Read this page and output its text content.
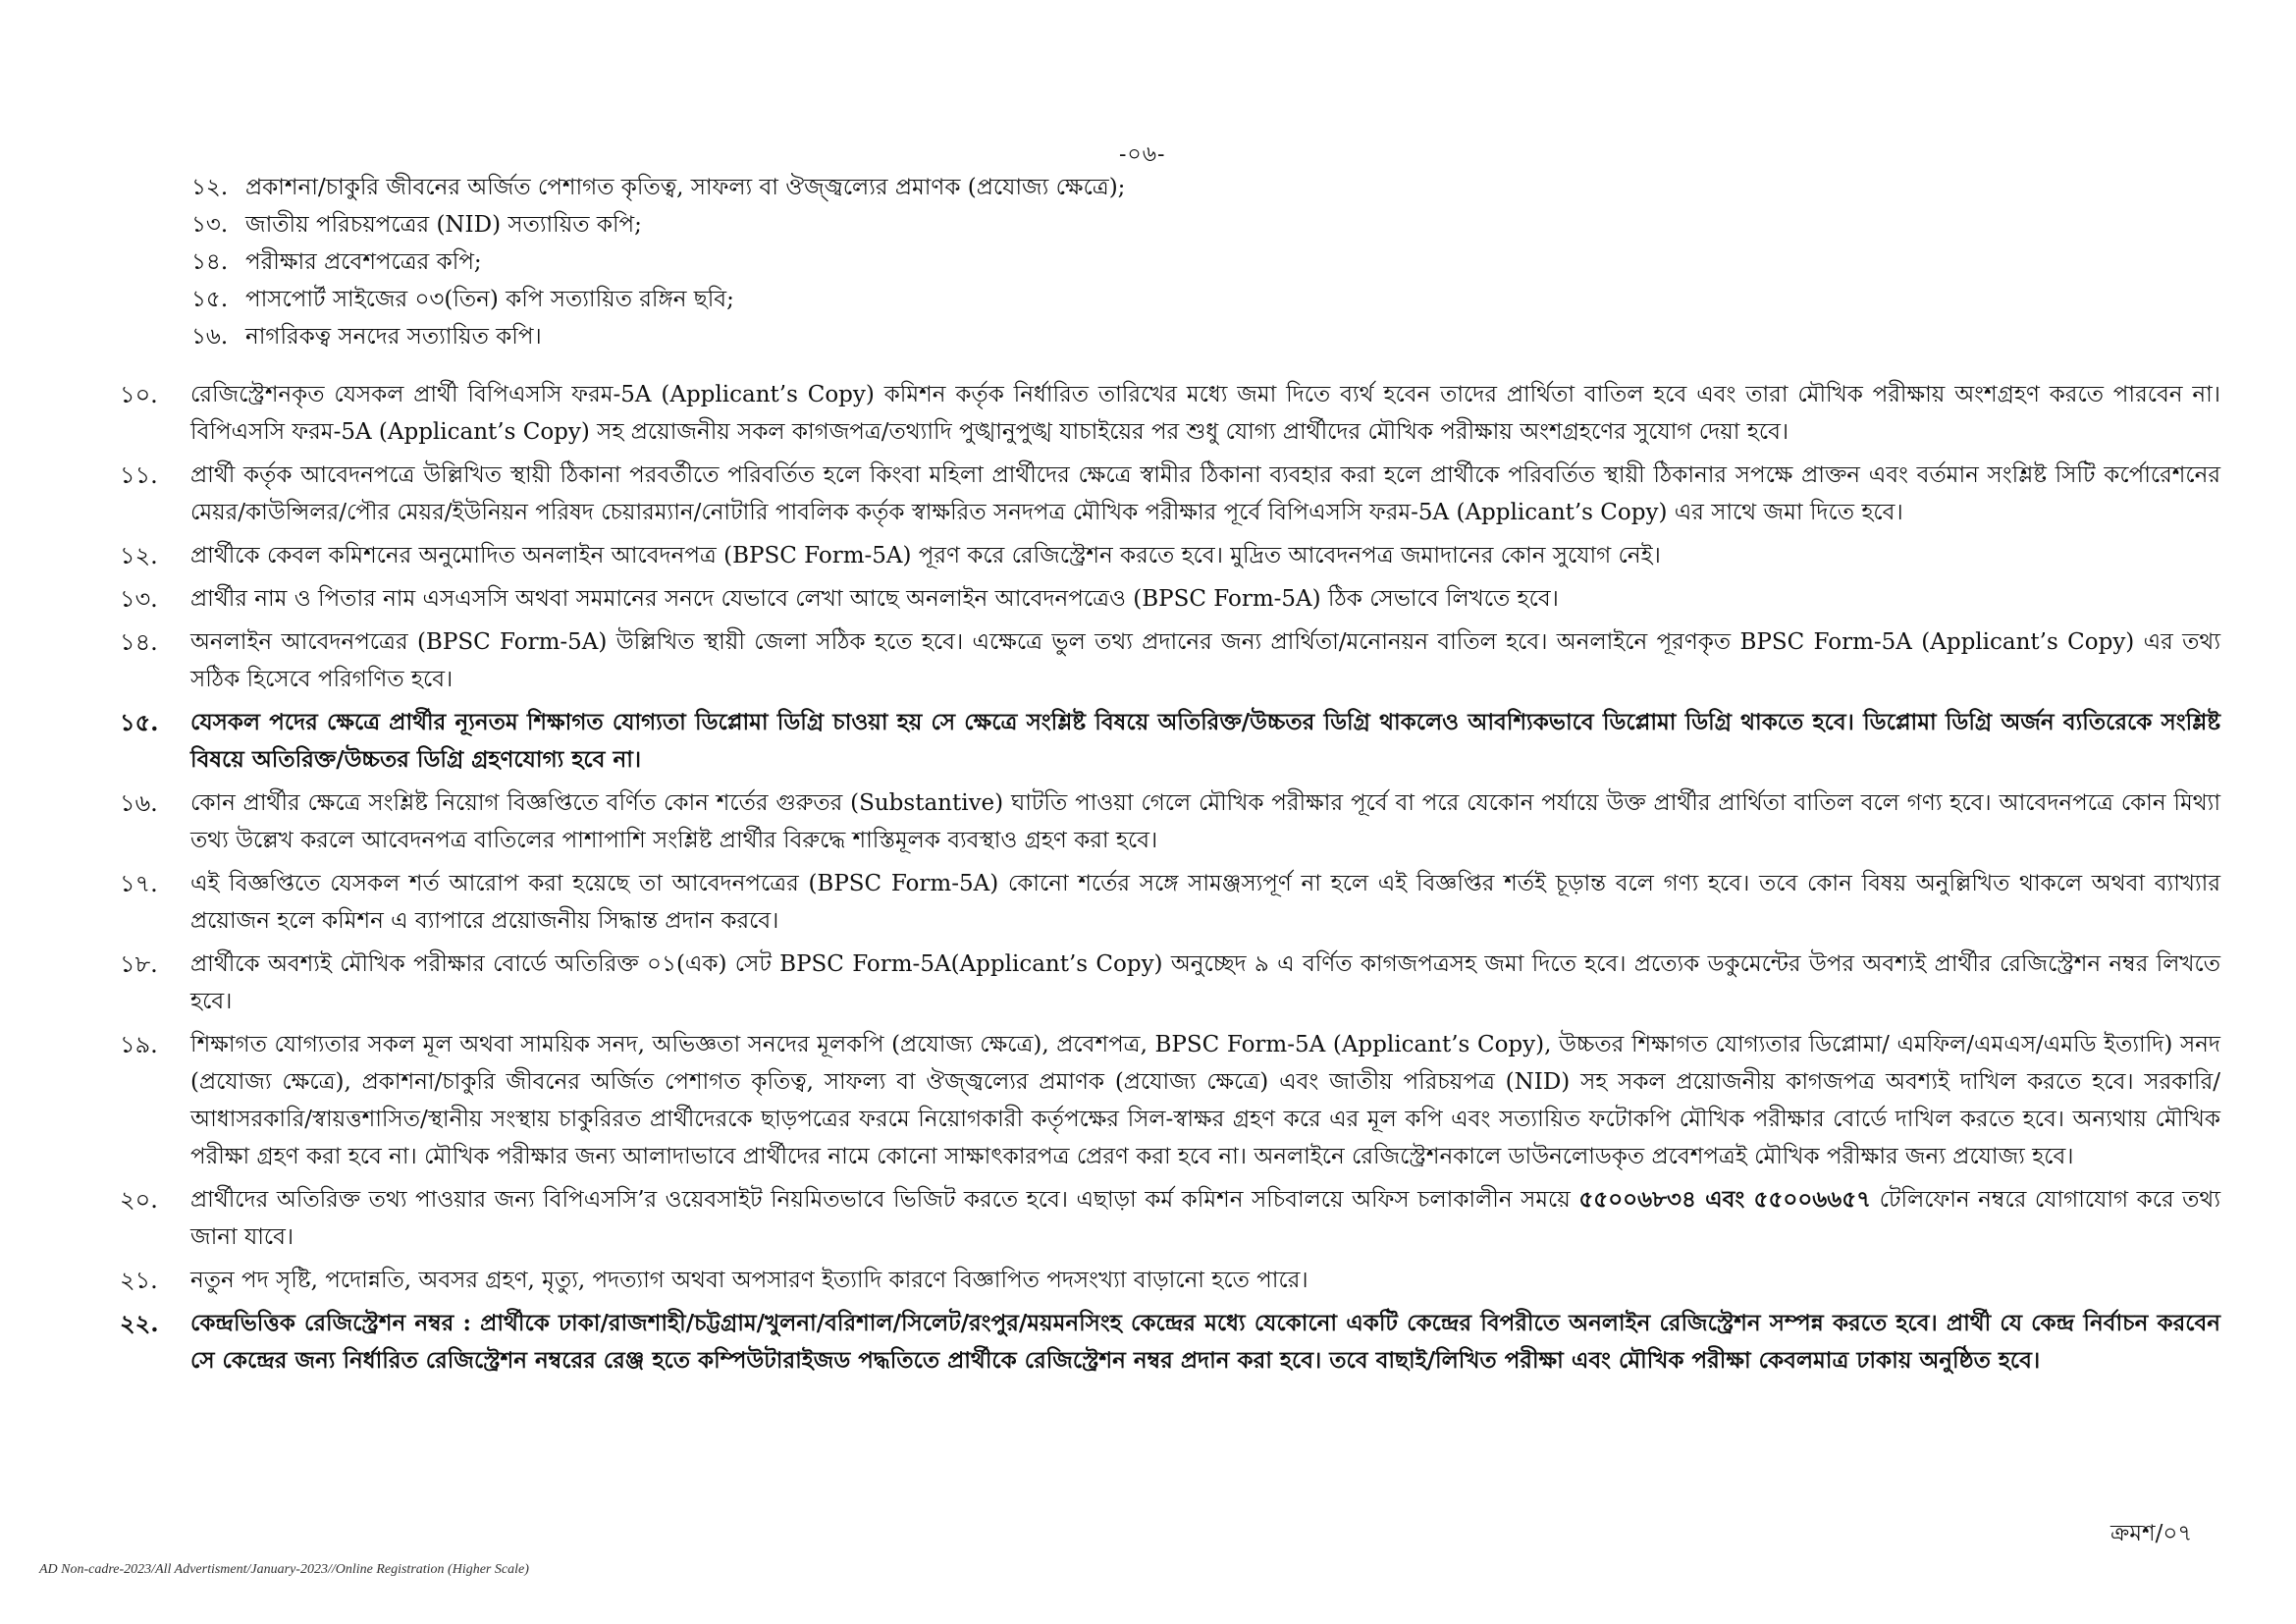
-০৬-
১২. প্রকাশনা/চাকুরি জীবনের অর্জিত পেশাগত কৃতিত্ব, সাফল্য বা ঔজ্জ্বল্যের প্রমাণক (প্রযোজ্য ক্ষেত্রে);
১৩. জাতীয় পরিচয়পত্রের (NID) সত্যায়িত কপি;
১৪. পরীক্ষার প্রবেশপত্রের কপি;
১৫. পাসপোর্ট সাইজের ০৩(তিন) কপি সত্যায়িত রঙ্গিন ছবি;
১৬. নাগরিকত্ব সনদের সত্যায়িত কপি।
১০.	রেজিস্ট্রেশনকৃত যেসকল প্রার্থী বিপিএসসি ফরম-5A (Applicant’s Copy) কমিশন কর্তৃক নির্ধারিত তারিখের মধ্যে জমা দিতে ব্যর্থ হবেন তাদের প্রার্থিতা বাতিল হবে এবং তারা মৌখিক পরীক্ষায় অংশগ্রহণ করতে পারবেন না। বিপিএসসি ফরম-5A (Applicant’s Copy) সহ প্রয়োজনীয় সকল কাগজপত্র/তথ্যাদি পুঙ্খানুপুঙ্খ যাচাইয়ের পর শুধু যোগ্য প্রার্থীদের মৌখিক পরীক্ষায় অংশগ্রহণের সুযোগ দেয়া হবে।
১১.	প্রার্থী কর্তৃক আবেদনপত্রে উল্লিখিত স্থায়ী ঠিকানা পরবর্তীতে পরিবর্তিত হলে কিংবা মহিলা প্রার্থীদের ক্ষেত্রে স্বামীর ঠিকানা ব্যবহার করা হলে প্রার্থীকে পরিবর্তিত স্থায়ী ঠিকানার সপক্ষে প্রাক্তন এবং বর্তমান সংশ্লিষ্ট সিটি কর্পোরেশনের মেয়র/কাউন্সিলর/পৌর মেয়র/ইউনিয়ন পরিষদ চেয়ারম্যান/নোটারি পাবলিক কর্তৃক স্বাক্ষরিত সনদপত্র মৌখিক পরীক্ষার পূর্বে বিপিএসসি ফরম-5A (Applicant’s Copy) এর সাথে জমা দিতে হবে।
১২.	প্রার্থীকে কেবল কমিশনের অনুমোদিত অনলাইন আবেদনপত্র (BPSC Form-5A) পূরণ করে রেজিস্ট্রেশন করতে হবে। মুদ্রিত আবেদনপত্র জমাদানের কোন সুযোগ নেই।
১৩.	প্রার্থীর নাম ও পিতার নাম এসএসসি অথবা সমমানের সনদে যেভাবে লেখা আছে অনলাইন আবেদনপত্রেও (BPSC Form-5A) ঠিক সেভাবে লিখতে হবে।
১৪.	অনলাইন আবেদনপত্রের (BPSC Form-5A) উল্লিখিত স্থায়ী জেলা সঠিক হতে হবে। এক্ষেত্রে ভুল তথ্য প্রদানের জন্য প্রার্থিতা/মনোনয়ন বাতিল হবে। অনলাইনে পূরণকৃত BPSC Form-5A (Applicant’s Copy) এর তথ্য সঠিক হিসেবে পরিগণিত হবে।
১৫.	যেসকল পদের ক্ষেত্রে প্রার্থীর ন্যূনতম শিক্ষাগত যোগ্যতা ডিপ্লোমা ডিগ্রি চাওয়া হয় সে ক্ষেত্রে সংশ্লিষ্ট বিষয়ে অতিরিক্ত/উচ্চতর ডিগ্রি থাকলেও আবশ্যিকভাবে ডিপ্লোমা ডিগ্রি থাকতে হবে। ডিপ্লোমা ডিগ্রি অর্জন ব্যতিরেকে সংশ্লিষ্ট বিষয়ে অতিরিক্ত/উচ্চতর ডিগ্রি গ্রহণযোগ্য হবে না।
১৬.	কোন প্রার্থীর ক্ষেত্রে সংশ্লিষ্ট নিয়োগ বিজ্ঞপ্তিতে বর্ণিত কোন শর্তের গুরুতর (Substantive) ঘাটতি পাওয়া গেলে মৌখিক পরীক্ষার পূর্বে বা পরে যেকোন পর্যায়ে উক্ত প্রার্থীর প্রার্থিতা বাতিল বলে গণ্য হবে। আবেদনপত্রে কোন মিথ্যা তথ্য উল্লেখ করলে আবেদনপত্র বাতিলের পাশাপাশি সংশ্লিষ্ট প্রার্থীর বিরুদ্ধে শাস্তিমূলক ব্যবস্থাও গ্রহণ করা হবে।
১৭.	এই বিজ্ঞপ্তিতে যেসকল শর্ত আরোপ করা হয়েছে তা আবেদনপত্রের (BPSC Form-5A) কোনো শর্তের সঙ্গে সামঞ্জস্যপূর্ণ না হলে এই বিজ্ঞপ্তির শর্তই চূড়ান্ত বলে গণ্য হবে। তবে কোন বিষয় অনুল্লিখিত থাকলে অথবা ব্যাখ্যার প্রয়োজন হলে কমিশন এ ব্যাপারে প্রয়োজনীয় সিদ্ধান্ত প্রদান করবে।
১৮.	প্রার্থীকে অবশ্যই মৌখিক পরীক্ষার বোর্ডে অতিরিক্ত ০১(এক) সেট BPSC Form-5A(Applicant’s Copy) অনুচ্ছেদ ৯ এ বর্ণিত কাগজপত্রসহ জমা দিতে হবে। প্রত্যেক ডকুমেন্টের উপর অবশ্যই প্রার্থীর রেজিস্ট্রেশন নম্বর লিখতে হবে।
১৯.	শিক্ষাগত যোগ্যতার সকল মূল অথবা সাময়িক সনদ, অভিজ্ঞতা সনদের মূলকপি (প্রযোজ্য ক্ষেত্রে), প্রবেশপত্র, BPSC Form-5A (Applicant’s Copy), উচ্চতর শিক্ষাগত যোগ্যতার ডিপ্লোমা/ এমফিল/এমএস/এমডি ইত্যাদি) সনদ (প্রযোজ্য ক্ষেত্রে), প্রকাশনা/চাকুরি জীবনের অর্জিত পেশাগত কৃতিত্ব, সাফল্য বা ঔজ্জ্বল্যের প্রমাণক (প্রযোজ্য ক্ষেত্রে) এবং জাতীয় পরিচয়পত্র (NID) সহ সকল প্রয়োজনীয় কাগজপত্র অবশ্যই দাখিল করতে হবে। সরকারি/ আধাসরকারি/স্বায়ত্তশাসিত/স্থানীয় সংস্থায় চাকুরিরত প্রার্থীদেরকে ছাড়পত্রের ফরমে নিয়োগকারী কর্তৃপক্ষের সিল-স্বাক্ষর গ্রহণ করে এর মূল কপি এবং সত্যায়িত ফটোকপি মৌখিক পরীক্ষার বোর্ডে দাখিল করতে হবে। অন্যথায় মৌখিক পরীক্ষা গ্রহণ করা হবে না। মৌখিক পরীক্ষার জন্য আলাদাভাবে প্রার্থীদের নামে কোনো সাক্ষাৎকারপত্র প্রেরণ করা হবে না। অনলাইনে রেজিস্ট্রেশনকালে ডাউনলোডকৃত প্রবেশপত্রই মৌখিক পরীক্ষার জন্য প্রযোজ্য হবে।
২০.	প্রার্থীদের অতিরিক্ত তথ্য পাওয়ার জন্য বিপিএসসি’র ওয়েবসাইট নিয়মিতভাবে ভিজিট করতে হবে। এছাড়া কর্ম কমিশন সচিবালয়ে অফিস চলাকালীন সময়ে ৫৫০০৬৮৩৪ এবং ৫৫০০৬৬৫৭ টেলিফোন নম্বরে যোগাযোগ করে তথ্য জানা যাবে।
২১.	নতুন পদ সৃষ্টি, পদোন্নতি, অবসর গ্রহণ, মৃত্যু, পদত্যাগ অথবা অপসারণ ইত্যাদি কারণে বিজ্ঞাপিত পদসংখ্যা বাড়ানো হতে পারে।
২২.	কেন্দ্রভিত্তিক রেজিস্ট্রেশন নম্বর : প্রার্থীকে ঢাকা/রাজশাহী/চট্টগ্রাম/খুলনা/বরিশাল/সিলেট/রংপুর/ময়মনসিংহ কেন্দ্রের মধ্যে যেকোনো একটি কেন্দ্রের বিপরীতে অনলাইন রেজিস্ট্রেশন সম্পন্ন করতে হবে। প্রার্থী যে কেন্দ্র নির্বাচন করবেন সে কেন্দ্রের জন্য নির্ধারিত রেজিস্ট্রেশন নম্বরের রেঞ্জ হতে কম্পিউটারাইজড পদ্ধতিতে প্রার্থীকে রেজিস্ট্রেশন নম্বর প্রদান করা হবে। তবে বাছাই/লিখিত পরীক্ষা এবং মৌখিক পরীক্ষা কেবলমাত্র ঢাকায় অনুষ্ঠিত হবে।
ক্রমশ/০৭
AD Non-cadre-2023/All Advertisment/January-2023//Online Registration (Higher Scale)
